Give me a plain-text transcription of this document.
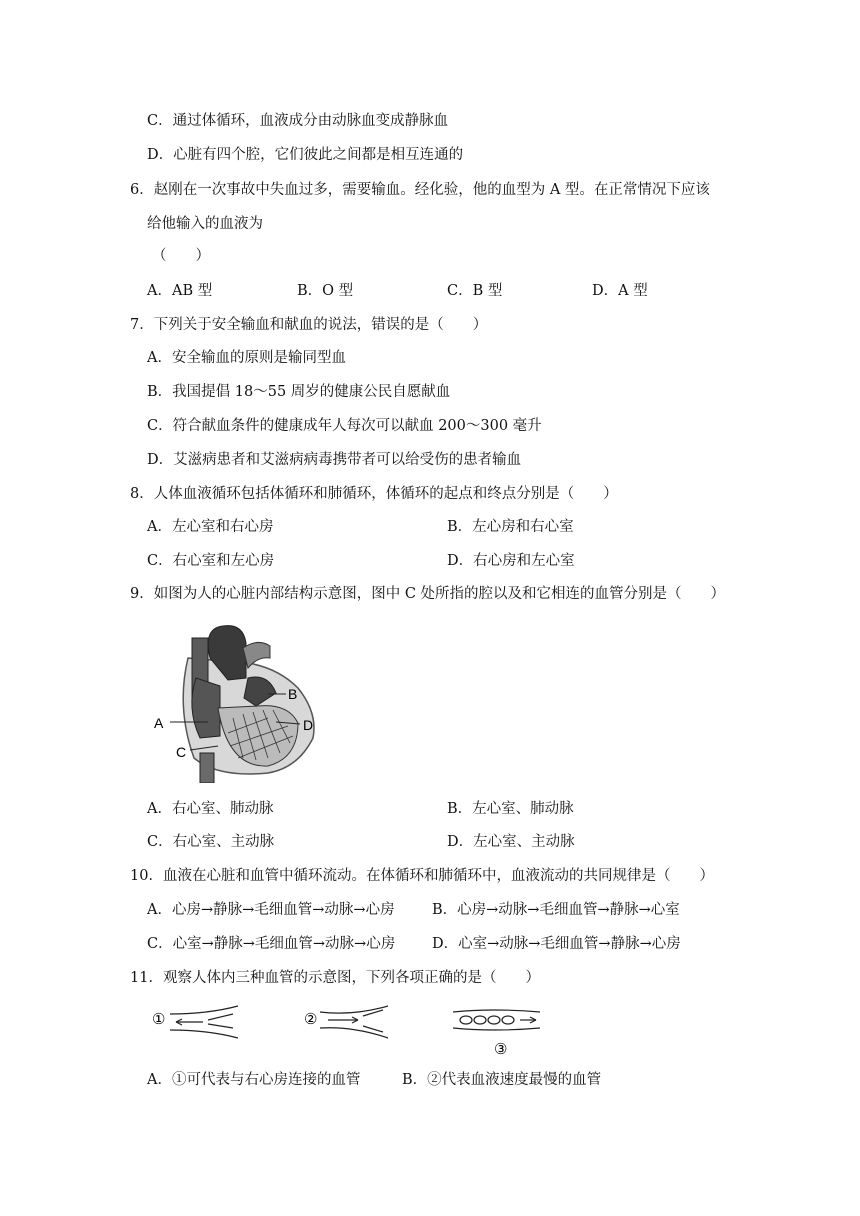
C．通过体循环，血液成分由动脉血变成静脉血
D．心脏有四个腔，它们彼此之间都是相互连通的
6．赵刚在一次事故中失血过多，需要输血。经化验，他的血型为 A 型。在正常情况下应该
给他输入的血液为
（　　）
A．AB 型	B．O 型	C．B 型	D．A 型
7．下列关于安全输血和献血的说法，错误的是（　　）
A．安全输血的原则是输同型血
B．我国提倡 18～55 周岁的健康公民自愿献血
C．符合献血条件的健康成年人每次可以献血 200～300 毫升
D．艾滋病患者和艾滋病病毒携带者可以给受伤的患者输血
8．人体血液循环包括体循环和肺循环，体循环的起点和终点分别是（　　）
A．左心室和右心房	B．左心房和右心室
C．右心室和左心房	D．右心房和左心室
9．如图为人的心脏内部结构示意图，图中 C 处所指的腔以及和它相连的血管分别是（　　）
B
A	D
C
A．右心室、肺动脉	B．左心室、肺动脉
C．右心室、主动脉	D．左心室、主动脉
10．血液在心脏和血管中循环流动。在体循环和肺循环中，血液流动的共同规律是（　　）
A．心房→静脉→毛细血管→动脉→心房	B．心房→动脉→毛细血管→静脉→心室
C．心室→静脉→毛细血管→动脉→心房	D．心室→动脉→毛细血管→静脉→心房
11．观察人体内三种血管的示意图，下列各项正确的是（　　）
①	②
③
A．①可代表与右心房连接的血管	B．②代表血液速度最慢的血管
